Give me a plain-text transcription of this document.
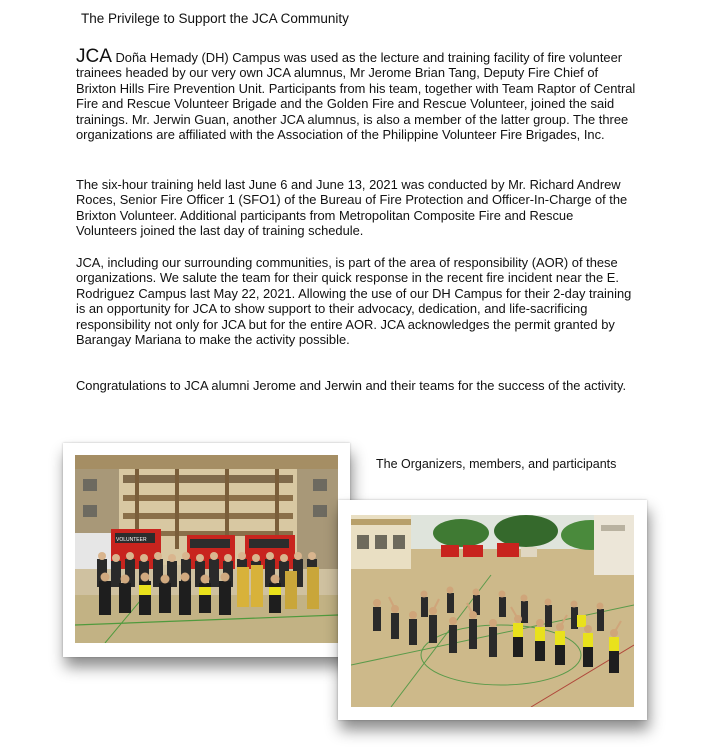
The Privilege to Support the JCA Community
JCA Doña Hemady (DH) Campus was used as the lecture and training facility of fire volunteer trainees headed by our very own JCA alumnus, Mr Jerome Brian Tang, Deputy Fire Chief of Brixton Hills Fire Prevention Unit. Participants from his team, together with Team Raptor of Central Fire and Rescue Volunteer Brigade and the Golden Fire and Rescue Volunteer, joined the said trainings. Mr. Jerwin Guan, another JCA alumnus, is also a member of the latter group. The three organizations are affiliated with the Association of the Philippine Volunteer Fire Brigades, Inc.
The six-hour training held last June 6 and June 13, 2021 was conducted by Mr. Richard Andrew Roces, Senior Fire Officer 1 (SFO1) of the Bureau of Fire Protection and Officer-In-Charge of the Brixton Volunteer. Additional participants from Metropolitan Composite Fire and Rescue Volunteers joined the last day of training schedule.
JCA, including our surrounding communities, is part of the area of responsibility (AOR) of these organizations. We salute the team for their quick response in the recent fire incident near the E. Rodriguez Campus last May 22, 2021. Allowing the use of our DH Campus for their 2-day training is an opportunity for JCA to show support to their advocacy, dedication, and life-sacrificing responsibility not only for JCA but for the entire AOR. JCA acknowledges the permit granted by Barangay Mariana to make the activity possible.
Congratulations to JCA alumni Jerome and Jerwin and their teams for the success of the activity.
VOLUNTEER
The Organizers, members, and participants
